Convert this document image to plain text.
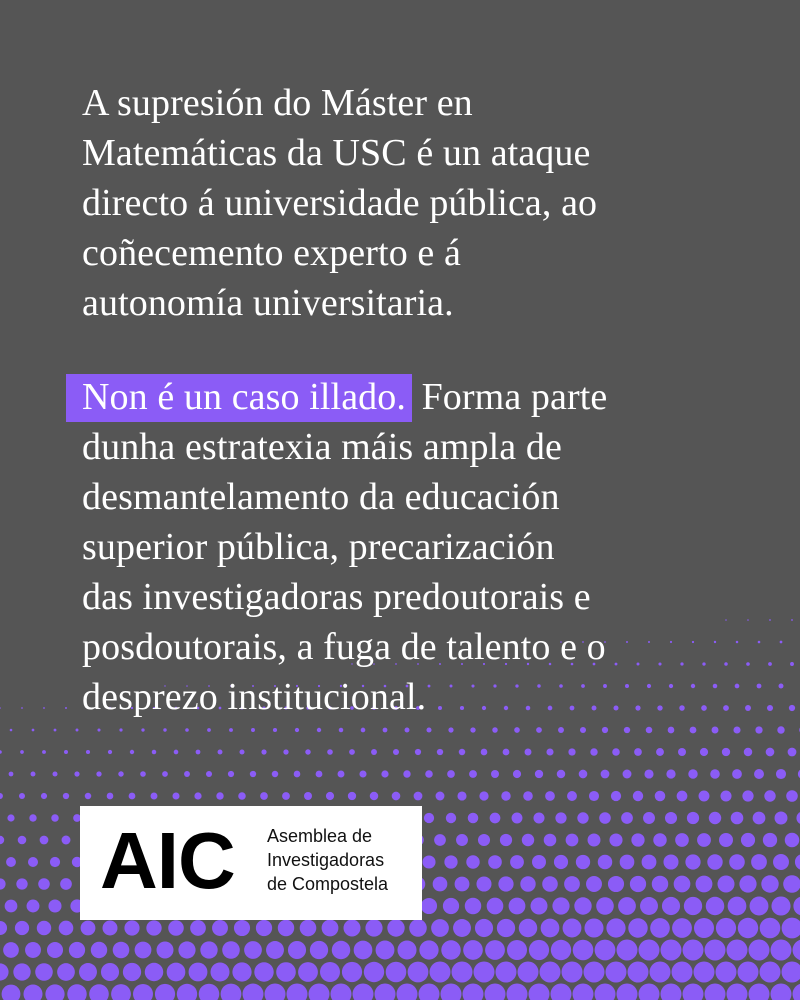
A supresión do Máster en
Matemáticas da USC é un ataque
directo á universidade pública, ao
coñecemento experto e á
autonomía universitaria.
Non é un caso illado. Forma parte
dunha estratexia máis ampla de
desmantelamento da educación
superior pública, precarización
das investigadoras predoutorais e
posdoutorais, a fuga de talento e o
desprezo institucional.
AIC Asemblea de
Investigadoras
de Compostela
